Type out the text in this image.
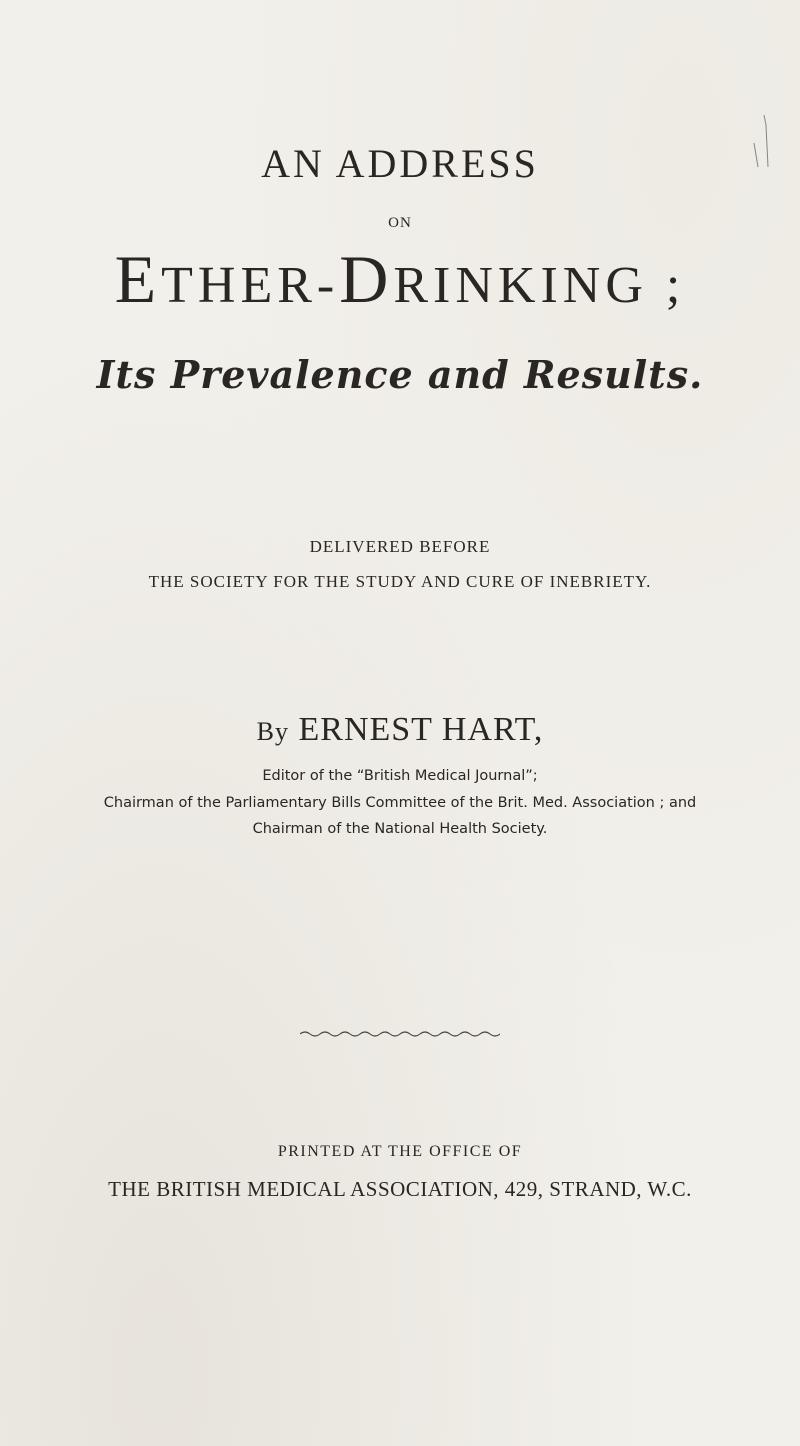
AN ADDRESS
ON
ETHER-DRINKING ;
Its Prevalence and Results.
DELIVERED BEFORE
THE SOCIETY FOR THE STUDY AND CURE OF INEBRIETY.
By ERNEST HART,
Editor of the “British Medical Journal”;
Chairman of the Parliamentary Bills Committee of the Brit. Med. Association ; and
Chairman of the National Health Society.
PRINTED AT THE OFFICE OF
THE BRITISH MEDICAL ASSOCIATION, 429, STRAND, W.C.
